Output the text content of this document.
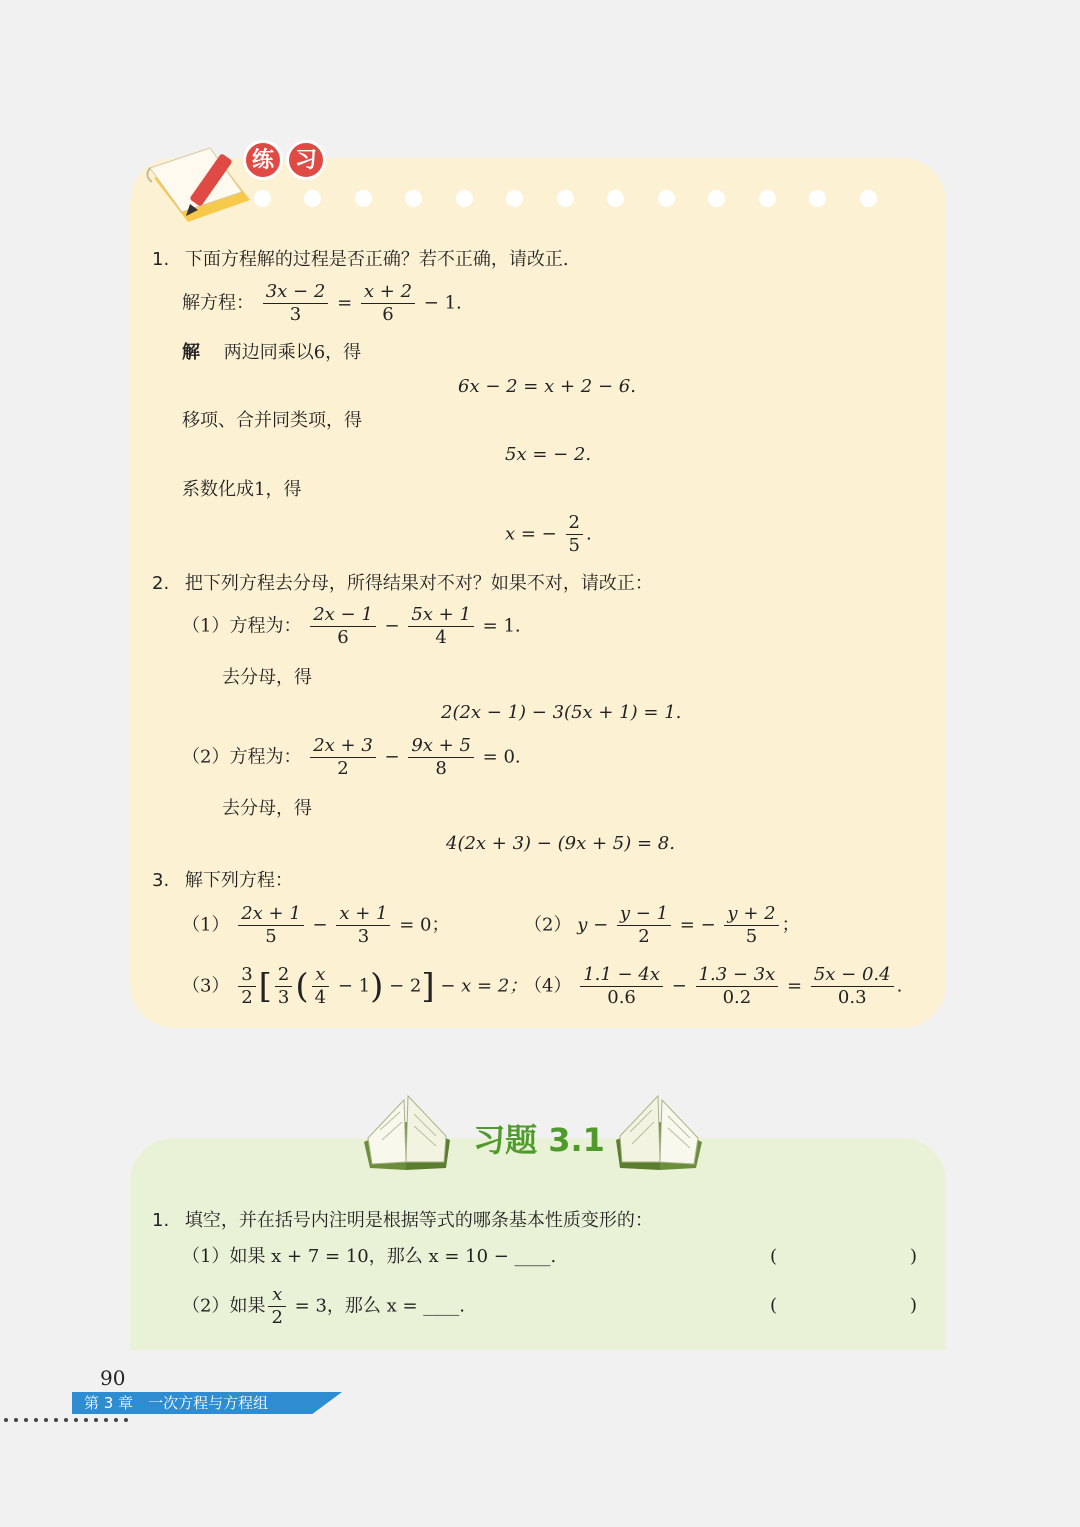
练 习
1. 下面方程解的过程是否正确？若不正确，请改正.
解方程： $\frac{3x - 2}{3} = \frac{x + 2}{6} - 1$.
解 两边同乘以6，得
6x − 2 = x + 2 − 6.
移项、合并同类项，得
5x = − 2.
系数化成1，得
x = − $\frac{2}{5}$ .
2. 把下列方程去分母，所得结果对不对？如果不对，请改正：
（1）方程为： $\frac{2x - 1}{6} - \frac{5x + 1}{4} = 1$.
去分母，得
2(2x − 1) − 3(5x + 1) = 1.
（2）方程为： $\frac{2x + 3}{2} - \frac{9x + 5}{8} = 0$.
去分母，得
4(2x + 3) − (9x + 5) = 8.
3. 解下列方程：
$(1) \frac{2x + 1}{5} - \frac{x + 1}{3} = 0$；	（2） $y - \frac{y - 1}{2}$ = − $\frac{y + 2}{5}$ ；
$(3) \frac{3}{2}$ [ $\frac{2}{3}$ ( $\frac{x}{4} - 1) - 2] - x = 2$；
$(4) \frac{1.1 - 4x}{0.6} - \frac{1.3 - 3x}{0.2} = \frac{5x - 0.4}{0.3}$ .
习题 3.1
1. 填空，并在括号内注明是根据等式的哪条基本性质变形的：
（1）如果 x + 7 = 10，那么 x = 10 − ____.	(	)
（2）如果 $\frac{x}{2} = 3$，那么 x = ____.	(	)
90
第 3 章　一次方程与方程组
